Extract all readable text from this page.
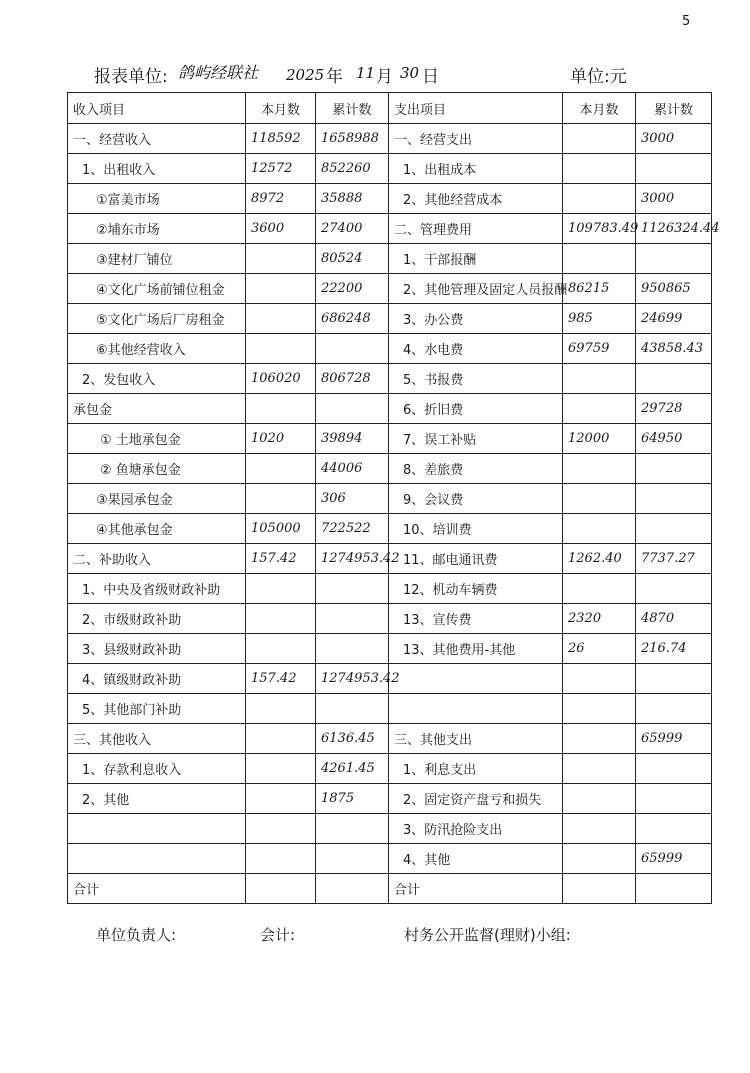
5
报表单位: 鸽屿经联社 2025 年 11 月 30 日	单位:元
收入项目	本月数	累计数	支出项目	本月数	累计数
一、经营收入	118592	1658988	一、经营支出		3000
1、出租收入	12572	852260	1、出租成本		
①富美市场	8972	35888	2、其他经营成本		3000
②埔东市场	3600	27400	二、管理费用	109783.49	1126324.44
③建材厂铺位		80524	1、干部报酬		
④文化广场前铺位租金		22200	2、其他管理及固定人员报酬	86215	950865
⑤文化广场后厂房租金		686248	3、办公费	985	24699
⑥其他经营收入			4、水电费	69759	43858.43
2、发包收入	106020	806728	5、书报费		
承包金			6、折旧费		29728
① 土地承包金	1020	39894	7、误工补贴	12000	64950
② 鱼塘承包金		44006	8、差旅费		
③果园承包金		306	9、会议费		
④其他承包金	105000	722522	10、培训费		
二、补助收入	157.42	1274953.42	11、邮电通讯费	1262.40	7737.27
1、中央及省级财政补助			12、机动车辆费		
2、市级财政补助			13、宣传费	2320	4870
3、县级财政补助			13、其他费用-其他	26	216.74
4、镇级财政补助	157.42	1274953.42			
5、其他部门补助					
三、其他收入		6136.45	三、其他支出		65999
1、存款利息收入		4261.45	1、利息支出		
2、其他		1875	2、固定资产盘亏和损失		
			3、防汛抢险支出		
			4、其他		65999
合计			合计		
单位负责人:	会计:	村务公开监督(理财)小组:
